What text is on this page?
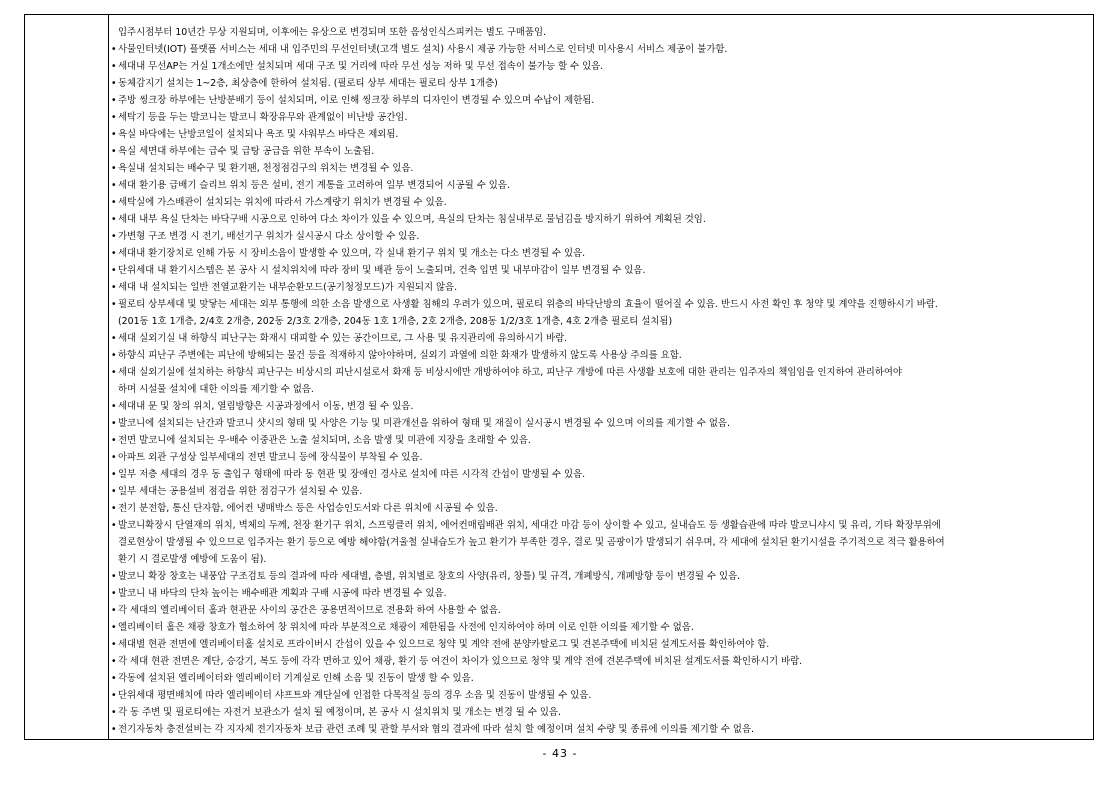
입주시점부터 10년간 무상 지원되며, 이후에는 유상으로 변경되며 또한 음성인식스피커는 별도 구매품임.
•사물인터넷(IOT) 플랫폼 서비스는 세대 내 입주민의 무선인터넷(고객 별도 설치) 사용시 제공 가능한 서비스로 인터넷 미사용시 서비스 제공이 불가함.
•세대내 무선AP는 거실 1개소에만 설치되며 세대 구조 및 거리에 따라 무선 성능 저하 및 무선 접속이 불가능 할 수 있음.
•동체감지기 설치는 1~2층, 최상층에 한하여 설치됨. (필로티 상부 세대는 필로티 상부 1개층)
•주방 씽크장 하부에는 난방분배기 등이 설치되며, 이로 인해 씽크장 하부의 디자인이 변경될 수 있으며 수납이 제한됨.
•세탁기 등을 두는 발코니는 발코니 확장유무와 관계없이 비난방 공간임.
•욕실 바닥에는 난방코일이 설치되나 욕조 및 샤워부스 바닥은 제외됨.
•욕실 세면대 하부에는 급수 및 급탕 공급을 위한 부속이 노출됨.
•욕실내 설치되는 배수구 및 환기팬, 천정점검구의 위치는 변경될 수 있음.
•세대 환기용 급배기 슬리브 위치 등은 설비, 전기 계통을 고려하여 일부 변경되어 시공될 수 있음.
•세탁실에 가스배관이 설치되는 위치에 따라서 가스계량기 위치가 변경될 수 있음.
•세대 내부 욕실 단차는 바닥구배 시공으로 인하여 다소 차이가 있을 수 있으며, 욕실의 단차는 침실내부로 물넘김을 방지하기 위하여 계획된 것임.
•가변형 구조 변경 시 전기, 배선기구 위치가 실시공시 다소 상이할 수 있음.
•세대내 환기장치로 인해 가동 시 장비소음이 발생할 수 있으며, 각 실내 환기구 위치 및 개소는 다소 변경될 수 있음.
•단위세대 내 환기시스템은 본 공사 시 설치위치에 따라 장비 및 배관 등이 노출되며, 건축 입면 및 내부마감이 일부 변경될 수 있음.
•세대 내 설치되는 일반 전열교환기는 내부순환모드(공기청정모드)가 지원되지 않음.
•필로티 상부세대 및 맞닿는 세대는 외부 통행에 의한 소음 발생으로 사생활 침해의 우려가 있으며, 필로티 위층의 바닥난방의 효율이 떨어질 수 있음. 반드시 사전 확인 후 청약 및 계약을 진행하시기 바람.
(201동 1호 1개층, 2/4호 2개층, 202동 2/3호 2개층, 204동 1호 1개층, 2호 2개층, 208동 1/2/3호 1개층, 4호 2개층 필로티 설치됨)
•세대 실외기실 내 하향식 피난구는 화재시 대피할 수 있는 공간이므로, 그 사용 및 유지관리에 유의하시기 바람.
•하향식 피난구 주변에는 피난에 방해되는 물건 등을 적재하지 않아야하며, 실외기 과열에 의한 화재가 발생하지 않도록 사용상 주의를 요함.
•세대 실외기실에 설치하는 하향식 피난구는 비상시의 피난시설로서 화재 등 비상시에만 개방하여야 하고, 피난구 개방에 따른 사생활 보호에 대한 관리는 입주자의 책임임을 인지하여 관리하여야
하며 시설물 설치에 대한 이의를 제기할 수 없음.
•세대내 문 및 창의 위치, 열림방향은 시공과정에서 이동, 변경 될 수 있음.
•발코니에 설치되는 난간과 발코니 샷시의 형태 및 사양은 기능 및 미관개선을 위하여 형태 및 재질이 실시공시 변경될 수 있으며 이의를 제기할 수 없음.
•전면 발코니에 설치되는 우·배수 이중관은 노출 설치되며, 소음 발생 및 미관에 지장을 초래할 수 있음.
•아파트 외관 구성상 일부세대의 전면 발코니 등에 장식물이 부착될 수 있음.
•일부 저층 세대의 경우 동 출입구 형태에 따라 동 현관 및 장애인 경사로 설치에 따른 시각적 간섭이 발생될 수 있음.
•일부 세대는 공용설비 점검을 위한 점검구가 설치될 수 있음.
•전기 분전함, 통신 단자함, 에어컨 냉매박스 등은 사업승인도서와 다른 위치에 시공될 수 있음.
•발코니확장시 단열재의 위치, 벽체의 두께, 천장 환기구 위치, 스프링클러 위치, 에어컨매립배관 위치, 세대간 마감 등이 상이할 수 있고, 실내습도 등 생활습관에 따라 발코니샤시 및 유리, 기타 확장부위에
결로현상이 발생될 수 있으므로 입주자는 환기 등으로 예방 해야함(겨울철 실내습도가 높고 환기가 부족한 경우, 결로 및 곰팡이가 발생되기 쉬우며, 각 세대에 설치된 환기시설을 주기적으로 적극 활용하여
환기 시 결로발생 예방에 도움이 됨).
•발코니 확장 창호는 내풍압 구조검토 등의 결과에 따라 세대별, 층별, 위치별로 창호의 사양(유리, 창틀) 및 규격, 개폐방식, 개폐방향 등이 변경될 수 있음.
•발코니 내 바닥의 단차 높이는 배수배관 계획과 구배 시공에 따라 변경될 수 있음.
•각 세대의 엘리베이터 홀과 현관문 사이의 공간은 공용면적이므로 전용화 하여 사용할 수 없음.
•엘리베이터 홀은 채광 창호가 협소하여 창 위치에 따라 부분적으로 채광이 제한됨을 사전에 인지하여야 하며 이로 인한 이의를 제기할 수 없음.
•세대별 현관 전면에 엘리베이터홀 설치로 프라이버시 간섭이 있을 수 있으므로 청약 및 계약 전에 분양카탈로그 및 견본주택에 비치된 설계도서를 확인하여야 함.
•각 세대 현관 전면은 계단, 승강기, 복도 등에 각각 면하고 있어 채광, 환기 등 여건이 차이가 있으므로 청약 및 계약 전에 견본주택에 비치된 설계도서를 확인하시기 바람.
•각동에 설치된 엘리베이터와 엘리베이터 기계실로 인해 소음 및 진동이 발생 할 수 있음.
•단위세대 평면배치에 따라 엘리베이터 샤프트와 계단실에 인접한 다목적실 등의 경우 소음 및 진동이 발생될 수 있음.
•각 동 주변 및 필로티에는 자전거 보관소가 설치 될 예정이며, 본 공사 시 설치위치 및 개소는 변경 될 수 있음.
•전기자동차 충전설비는 각 지자체 전기자동차 보급 관련 조례 및 관할 부서와 협의 결과에 따라 설치 할 예정이며 설치 수량 및 종류에 이의를 제기할 수 없음.
- 43 -
